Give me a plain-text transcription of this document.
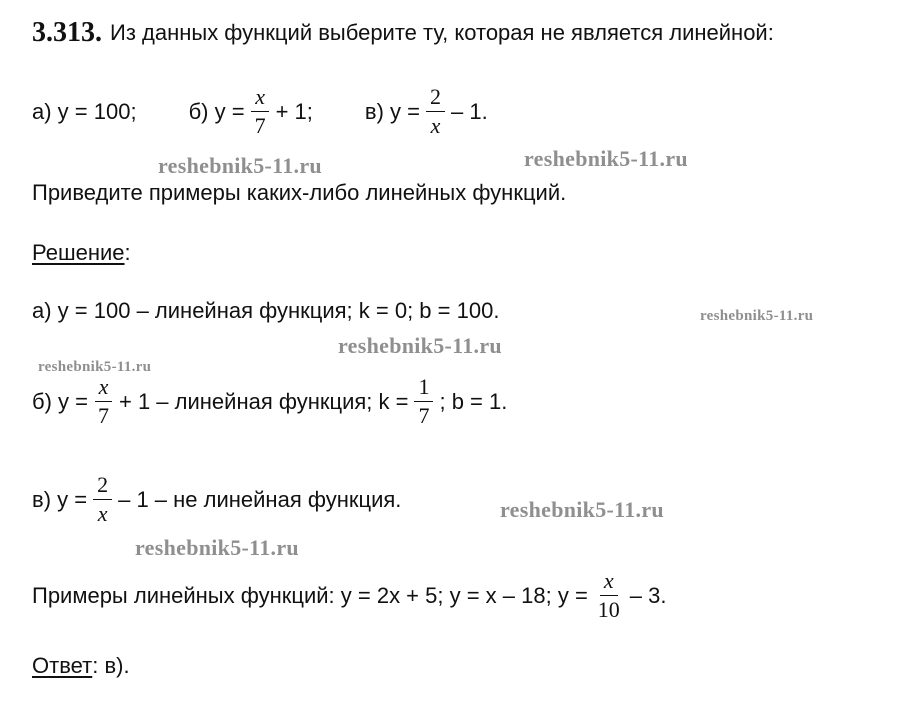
3.313. Из данных функций выберите ту, которая не является линейной:
а) y = 100; б) $y = \frac{x}{7} + 1$; в) $y = \frac{2}{x} - 1$.
Приведите примеры каких-либо линейных функций.
Решение :
а) y = 100 – линейная функция; k = 0; b = 100.
б) $y = \frac{x}{7} + 1$ – линейная функция; $k = \frac{1}{7}$ ; b = 1.
в) $y = \frac{2}{x} - 1$ – не линейная функция.
Примеры линейных функций: y = 2x + 5; y = x – 18; $y = \frac{x}{10} - 3$.
Ответ : в).
reshebnik5-11.ru	reshebnik5-11.ru
reshebnik5-11.ru
reshebnik5-11.ru
reshebnik5-11.ru
reshebnik5-11.ru
reshebnik5-11.ru
